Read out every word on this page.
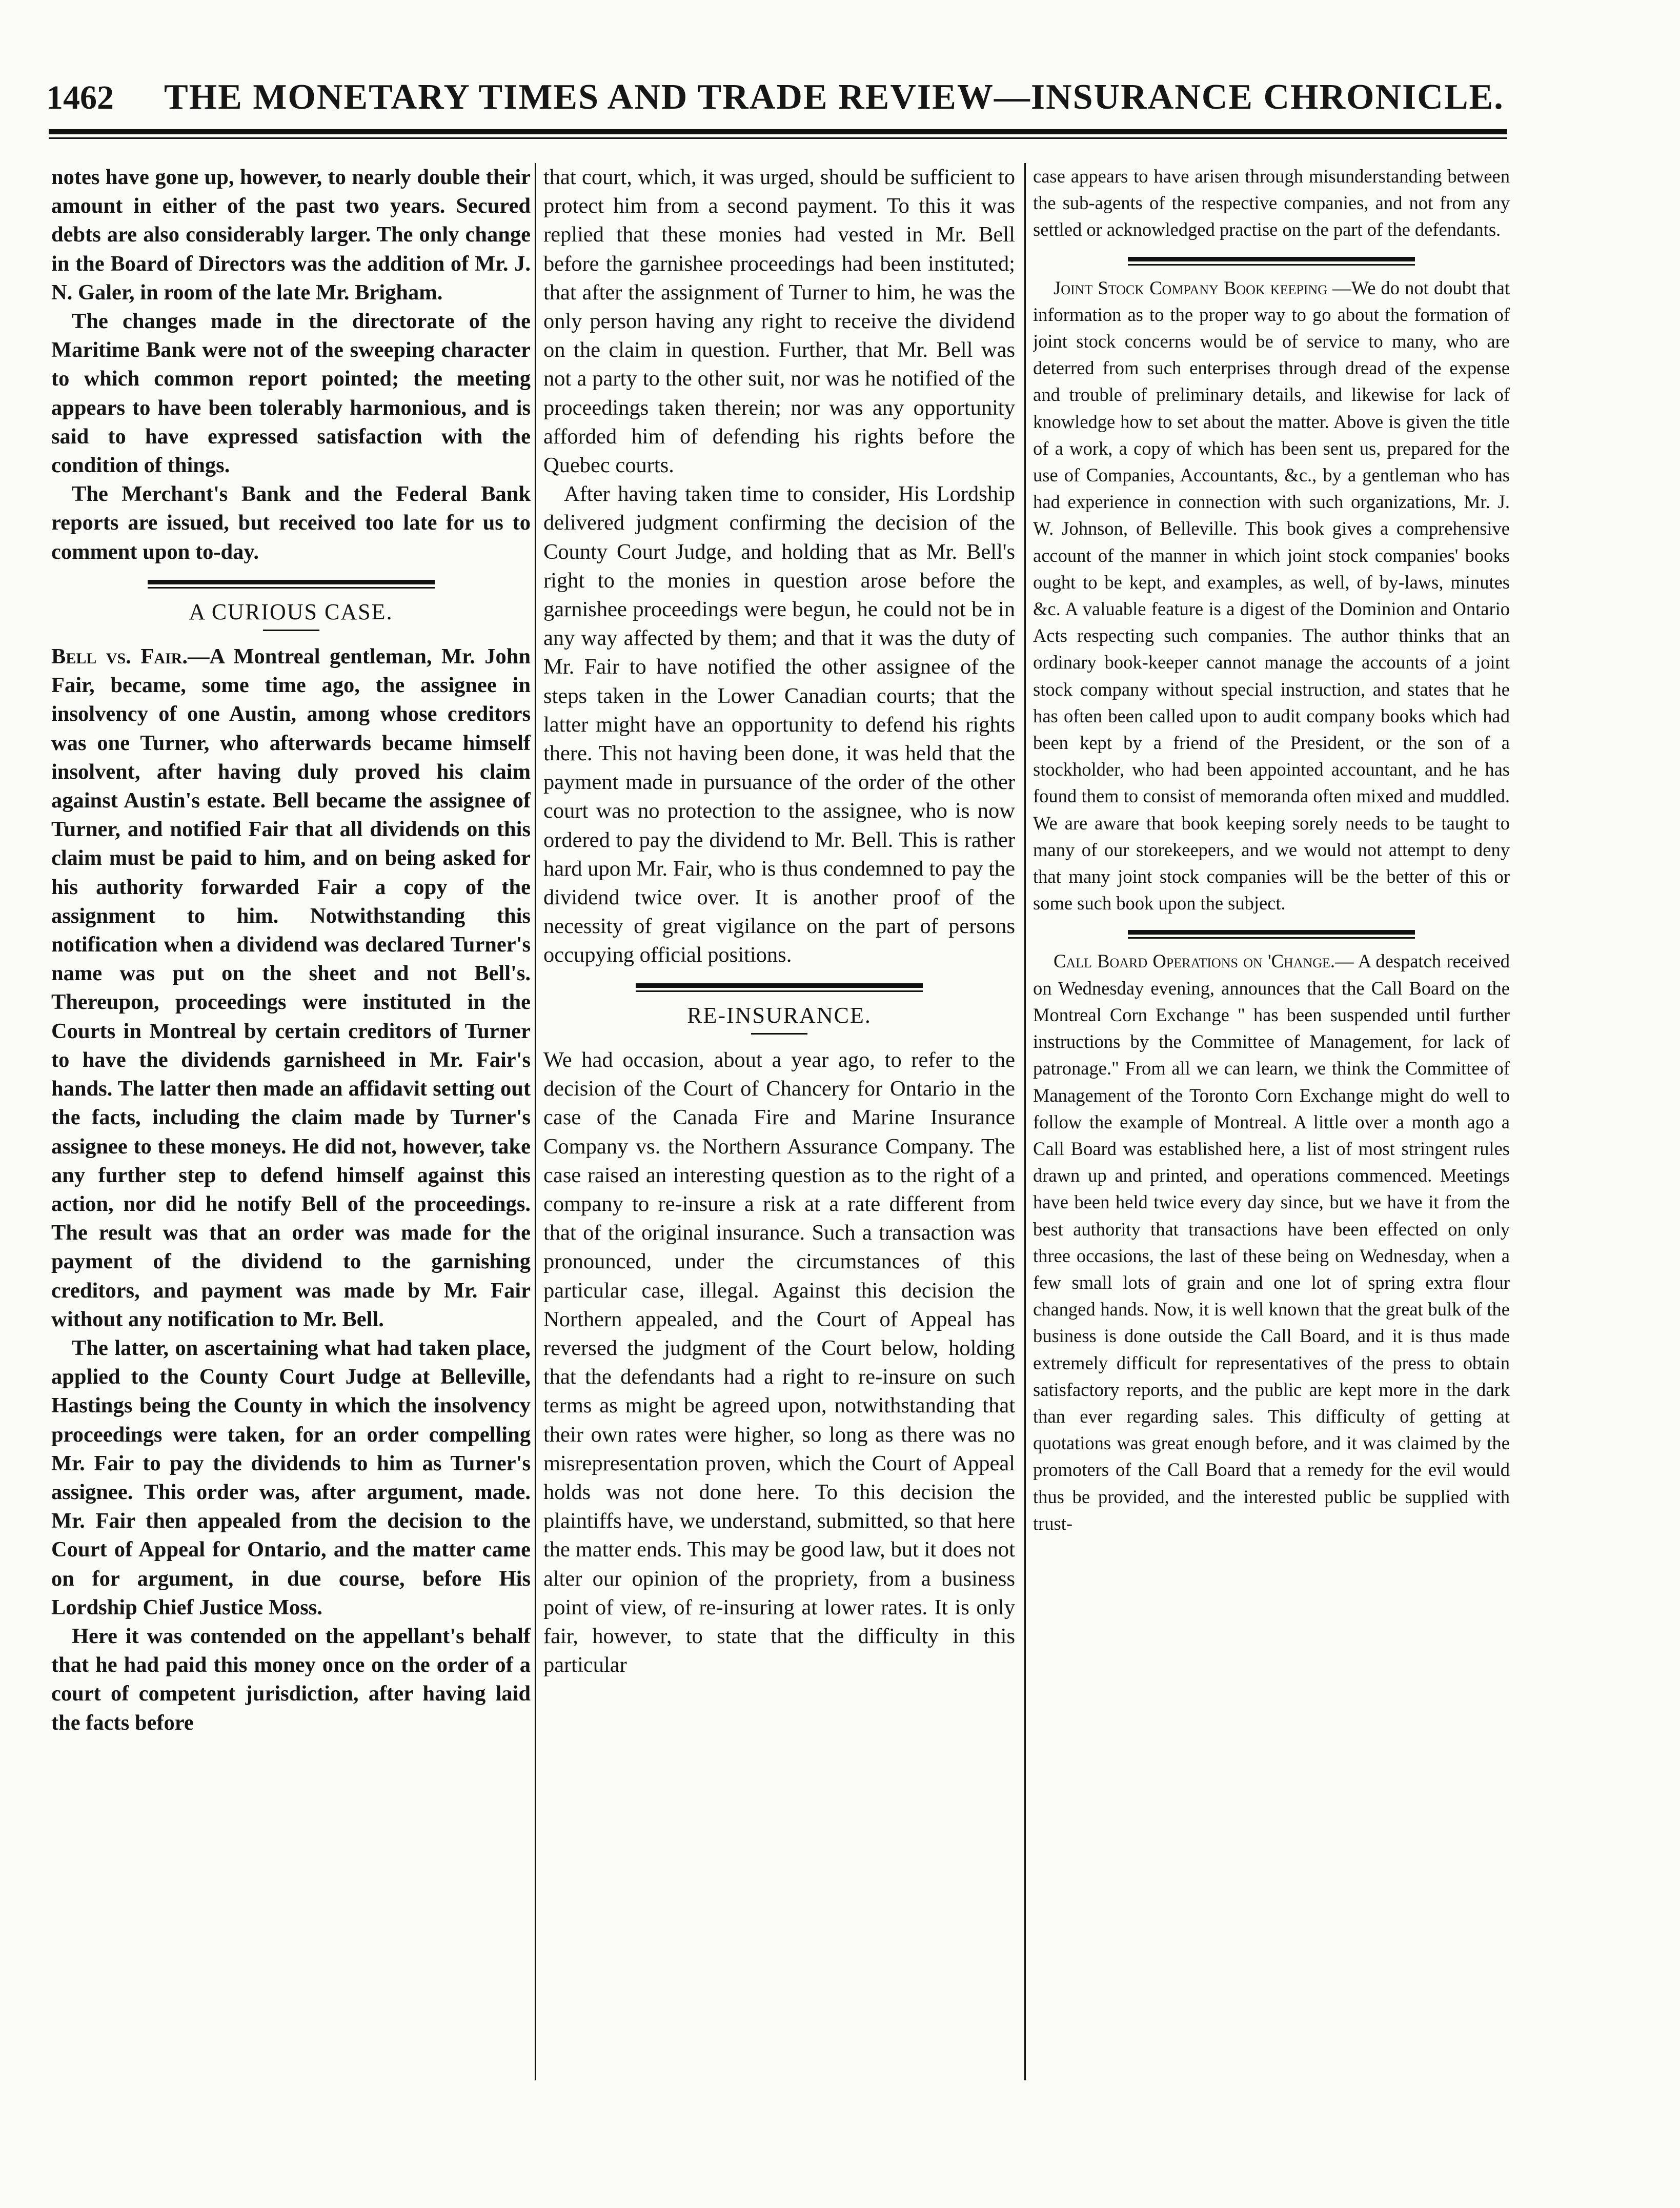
1462	THE MONETARY TIMES AND TRADE REVIEW—INSURANCE CHRONICLE.

notes have gone up, however, to nearly double their amount in either of the past two years. Secured debts are also considerably larger. The only change in the Board of Directors was the addition of Mr. J. N. Galer, in room of the late Mr. Brigham.

The changes made in the directorate of the Maritime Bank were not of the sweeping character to which common report pointed; the meeting appears to have been tolerably harmonious, and is said to have expressed satisfaction with the condition of things.

The Merchant's Bank and the Federal Bank reports are issued, but received too late for us to comment upon to-day.

A CURIOUS CASE.

Bell vs. Fair.—A Montreal gentleman, Mr. John Fair, became, some time ago, the assignee in insolvency of one Austin, among whose creditors was one Turner, who afterwards became himself insolvent, after having duly proved his claim against Austin's estate. Bell became the assignee of Turner, and notified Fair that all dividends on this claim must be paid to him, and on being asked for his authority forwarded Fair a copy of the assignment to him. Notwithstanding this notification when a dividend was declared Turner's name was put on the sheet and not Bell's. Thereupon, proceedings were instituted in the Courts in Montreal by certain creditors of Turner to have the dividends garnisheed in Mr. Fair's hands. The latter then made an affidavit setting out the facts, including the claim made by Turner's assignee to these moneys. He did not, however, take any further step to defend himself against this action, nor did he notify Bell of the proceedings. The result was that an order was made for the payment of the dividend to the garnishing creditors, and payment was made by Mr. Fair without any notification to Mr. Bell.

The latter, on ascertaining what had taken place, applied to the County Court Judge at Belleville, Hastings being the County in which the insolvency proceedings were taken, for an order compelling Mr. Fair to pay the dividends to him as Turner's assignee. This order was, after argument, made. Mr. Fair then appealed from the decision to the Court of Appeal for Ontario, and the matter came on for argument, in due course, before His Lordship Chief Justice Moss.

Here it was contended on the appellant's behalf that he had paid this money once on the order of a court of competent jurisdiction, after having laid the facts before

that court, which, it was urged, should be sufficient to protect him from a second payment. To this it was replied that these monies had vested in Mr. Bell before the garnishee proceedings had been instituted; that after the assignment of Turner to him, he was the only person having any right to receive the dividend on the claim in question. Further, that Mr. Bell was not a party to the other suit, nor was he notified of the proceedings taken therein; nor was any opportunity afforded him of defending his rights before the Quebec courts.

After having taken time to consider, His Lordship delivered judgment confirming the decision of the County Court Judge, and holding that as Mr. Bell's right to the monies in question arose before the garnishee proceedings were begun, he could not be in any way affected by them; and that it was the duty of Mr. Fair to have notified the other assignee of the steps taken in the Lower Canadian courts; that the latter might have an opportunity to defend his rights there. This not having been done, it was held that the payment made in pursuance of the order of the other court was no protection to the assignee, who is now ordered to pay the dividend to Mr. Bell. This is rather hard upon Mr. Fair, who is thus condemned to pay the dividend twice over. It is another proof of the necessity of great vigilance on the part of persons occupying official positions.

RE-INSURANCE.

We had occasion, about a year ago, to refer to the decision of the Court of Chancery for Ontario in the case of the Canada Fire and Marine Insurance Company vs. the Northern Assurance Company. The case raised an interesting question as to the right of a company to re-insure a risk at a rate different from that of the original insurance. Such a transaction was pronounced, under the circumstances of this particular case, illegal. Against this decision the Northern appealed, and the Court of Appeal has reversed the judgment of the Court below, holding that the defendants had a right to re-insure on such terms as might be agreed upon, notwithstanding that their own rates were higher, so long as there was no misrepresentation proven, which the Court of Appeal holds was not done here. To this decision the plaintiffs have, we understand, submitted, so that here the matter ends. This may be good law, but it does not alter our opinion of the propriety, from a business point of view, of re-insuring at lower rates. It is only fair, however, to state that the difficulty in this particular

case appears to have arisen through misunderstanding between the sub-agents of the respective companies, and not from any settled or acknowledged practise on the part of the defendants.

Joint Stock Company Book keeping —We do not doubt that information as to the proper way to go about the formation of joint stock concerns would be of service to many, who are deterred from such enterprises through dread of the expense and trouble of preliminary details, and likewise for lack of knowledge how to set about the matter. Above is given the title of a work, a copy of which has been sent us, prepared for the use of Companies, Accountants, &c., by a gentleman who has had experience in connection with such organizations, Mr. J. W. Johnson, of Belleville. This book gives a comprehensive account of the manner in which joint stock companies' books ought to be kept, and examples, as well, of by-laws, minutes &c. A valuable feature is a digest of the Dominion and Ontario Acts respecting such companies. The author thinks that an ordinary book-keeper cannot manage the accounts of a joint stock company without special instruction, and states that he has often been called upon to audit company books which had been kept by a friend of the President, or the son of a stockholder, who had been appointed accountant, and he has found them to consist of memoranda often mixed and muddled. We are aware that book keeping sorely needs to be taught to many of our storekeepers, and we would not attempt to deny that many joint stock companies will be the better of this or some such book upon the subject.

Call Board Operations on 'Change.— A despatch received on Wednesday evening, announces that the Call Board on the Montreal Corn Exchange " has been suspended until further instructions by the Committee of Management, for lack of patronage." From all we can learn, we think the Committee of Management of the Toronto Corn Exchange might do well to follow the example of Montreal. A little over a month ago a Call Board was established here, a list of most stringent rules drawn up and printed, and operations commenced. Meetings have been held twice every day since, but we have it from the best authority that transactions have been effected on only three occasions, the last of these being on Wednesday, when a few small lots of grain and one lot of spring extra flour changed hands. Now, it is well known that the great bulk of the business is done outside the Call Board, and it is thus made extremely difficult for representatives of the press to obtain satisfactory reports, and the public are kept more in the dark than ever regarding sales. This difficulty of getting at quotations was great enough before, and it was claimed by the promoters of the Call Board that a remedy for the evil would thus be provided, and the interested public be supplied with trust-
